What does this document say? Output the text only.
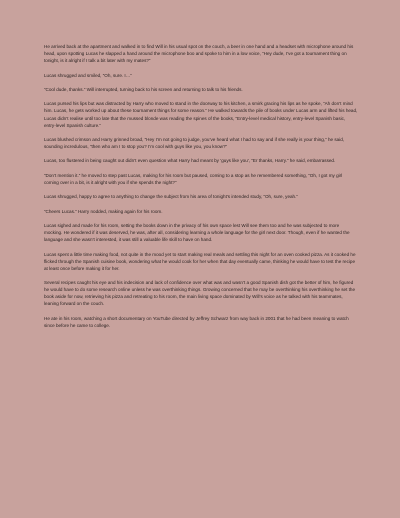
He arrived back at the apartment and walked in to find Will in his usual spot on the couch, a beer in one hand and a headset with microphone around his head, upon spotting Lucas he slapped a hand around the microphone boo and spoke to him in a low voice, “Hey dude, I’ve got a tournament thing on tonight, is it alright if I talk a bit later with my mates?”

Lucas shrugged and smiled, “Oh, sure. I…”

“Cool dude, thanks.” Will interrupted, turning back to his screen and returning to talk to his friends.

Lucas pursed his lips but was distracted by Harry who moved to stand in the doorway to his kitchen, a smirk gracing his lips as he spoke, “Ah don’t mind him. Lucas, he gets worked up about these tournament things for some reason.” He walked towards the pile of books under Lucas arm and lifted his head, Lucas didn’t realise until too late that the mussed blonde was reading the spines of the books, “Entry-level medical history, entry-level Spanish basic, entry-level Spanish culture.”

Lucas blushed crimson and Harry grinned broad, “Hey I’m not going to judge, you’ve heard what I had to say and if she really is your thing,” he said, sounding incredulous, “then who am I to stop you? I’m cool with guys like you, you know?”

Lucas, too flustered in being caught out didn’t even question what Harry had meant by ‘guys like you’, “Er thanks, Harry.” he said, embarrassed.

“Don’t mention it.” he moved to step past Lucas, making for his room but paused, coming to a stop as he remembered something, “Oh, I got my girl coming over in a bit, is it alright with you if she spends the night?”

Lucas shrugged, happy to agree to anything to change the subject from his area of tonight’s intended study, “Oh, sure, yeah.”

“Cheers Lucas.” Harry nodded, making again for his room.

Lucas sighed and made for his room, setting the books down in the privacy of his own space lest Will see them too and he was subjected to more mocking. He wondered if it was deserved, he was, after all, considering learning a whole language for the girl next door. Though, even if he wanted the language and she wasn’t interested, it was still a valuable life skill to have on hand.

Lucas spent a little time making food, not quite in the mood yet to start making real meals and settling this night for an oven cooked pizza. As it cooked he flicked through the Spanish cuisine book, wondering what he would cook for her when that day eventually came, thinking he would have to test the recipe at least once before making it for her.

Several recipes caught his eye and his indecision and lack of confidence over what was and wasn’t a good Spanish dish got the better of him, he figured he would have to do some research online unless he was overthinking things. Growing concerned that he may be overthinking his overthinking he set the book aside for now, retrieving his pizza and retreating to his room, the main living space dominated by Will’s voice as he talked with his teammates, leaning forward on the couch.

He ate in his room, watching a short documentary on YouTube directed by Jeffrey Schwarz from way back in 2001 that he had been meaning to watch since before he came to college.
